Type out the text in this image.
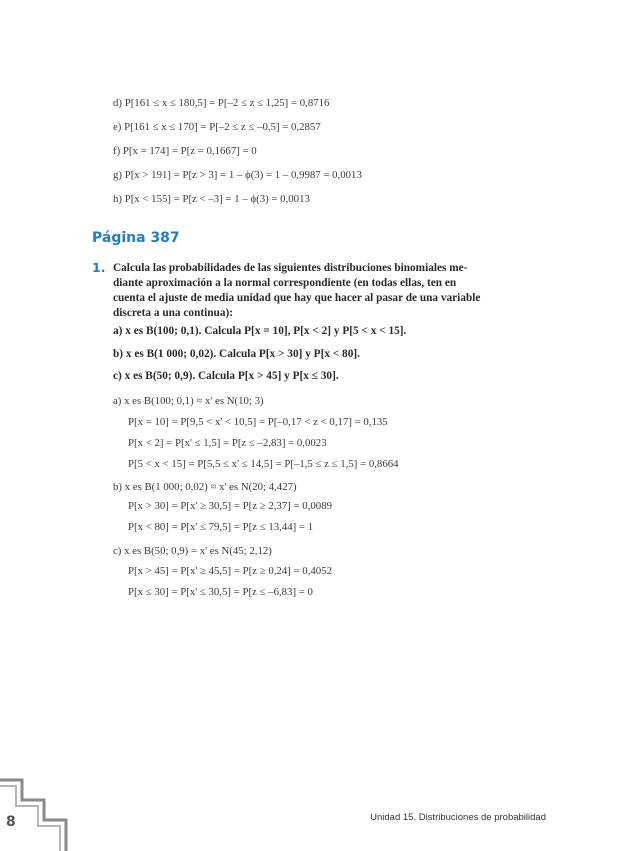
d) P[161 ≤ x ≤ 180,5] = P[–2 ≤ z ≤ 1,25] = 0,8716
e) P[161 ≤ x ≤ 170] = P[–2 ≤ z ≤ –0,5] = 0,2857
f) P[x = 174] = P[z = 0,1667] = 0
g) P[x > 191] = P[z > 3] = 1 – ϕ(3) = 1 – 0,9987 = 0,0013
h) P[x < 155] = P[z < –3] = 1 – ϕ(3) = 0,0013
Página 387
1. Calcula las probabilidades de las siguientes distribuciones binomiales me-
diante aproximación a la normal correspondiente (en todas ellas, ten en
cuenta el ajuste de media unidad que hay que hacer al pasar de una variable
discreta a una continua):
a) x es B(100; 0,1). Calcula P[x = 10], P[x < 2] y P[5 < x < 15].
b) x es B(1 000; 0,02). Calcula P[x > 30] y P[x < 80].
c) x es B(50; 0,9). Calcula P[x > 45] y P[x ≤ 30].
a) x es B(100; 0,1) ≈ x' es N(10; 3)
P[x = 10] = P[9,5 < x' < 10,5] = P[–0,17 < z < 0,17] = 0,135
P[x < 2] = P[x' ≤ 1,5] = P[z ≤ –2,83] = 0,0023
P[5 < x < 15] = P[5,5 ≤ x' ≤ 14,5] = P[–1,5 ≤ z ≤ 1,5] = 0,8664
b) x es B(1 000; 0,02) ≈ x' es N(20; 4,427)
P[x > 30] = P[x' ≥ 30,5] = P[z ≥ 2,37] = 0,0089
P[x < 80] = P[x' ≤ 79,5] = P[z ≤ 13,44] = 1
c) x es B(50; 0,9) = x' es N(45; 2,12)
P[x > 45] = P[x' ≥ 45,5] = P[z ≥ 0,24] = 0,4052
P[x ≤ 30] = P[x' ≤ 30,5] = P[z ≤ –6,83] = 0
8	Unidad 15. Distribuciones de probabilidad
